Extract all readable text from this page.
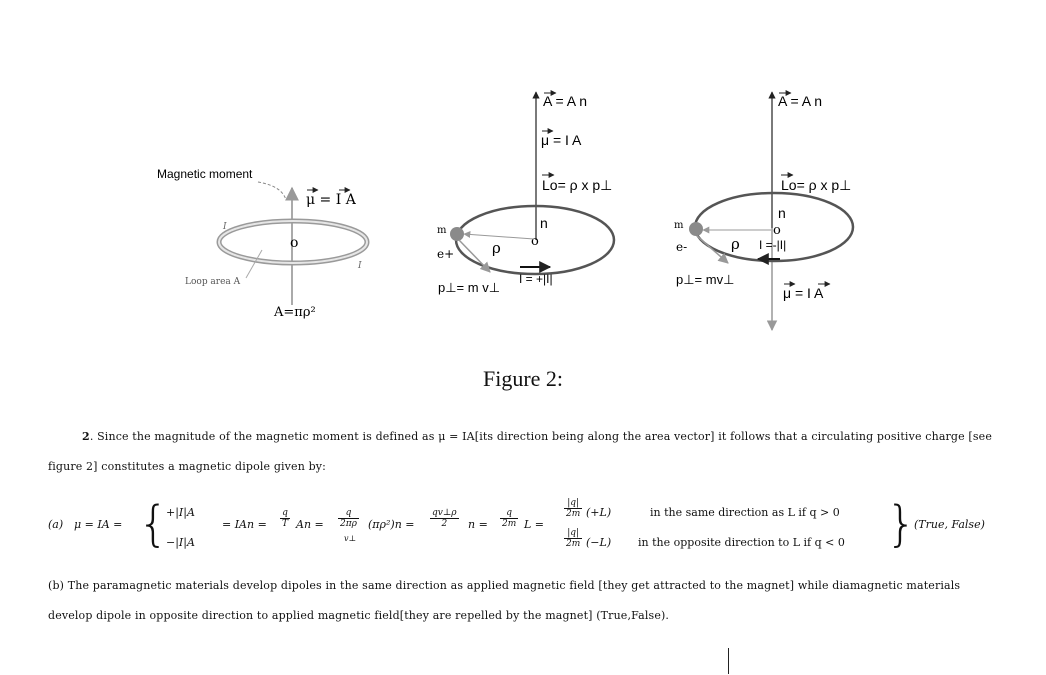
Magnetic moment
μ = I A
o
I
I
Loop area A
A=πρ²
A = A n
μ = I A
Lo= ρ x p⊥
n
o
ρ
m
e+
I = +|I|
p⊥= m v⊥
A = A n
Lo= ρ x p⊥
n
o
ρ
m
e-	I =-|I|
p⊥= mv⊥
μ = I A
Figure 2:
2. Since the magnitude of the magnetic moment is defined as μ = IA[its direction being along the area vector] it follows that a circulating positive charge [see figure 2] constitutes a magnetic dipole given by:
(a) μ = IA = {
+|I|A
−|I|A
= IAn = $\frac{q}{T}$ $An = \frac{q}{2\pi\rho}$
v⊥
$(\pi\rho^2)n = \frac{qv\perp\rho}{2}$ $n = \frac{q}{2m}$ L =
$\frac{|q|}{2m} (+L)$
$\frac{|q|}{2m} (-L)$
in the same direction as L if q > 0
in the opposite direction to L if q < 0 }
(True, False)
(b) The paramagnetic materials develop dipoles in the same direction as applied magnetic field [they get attracted to the magnet] while diamagnetic materials develop dipole in opposite direction to applied magnetic field[they are repelled by the magnet] (True,False).
